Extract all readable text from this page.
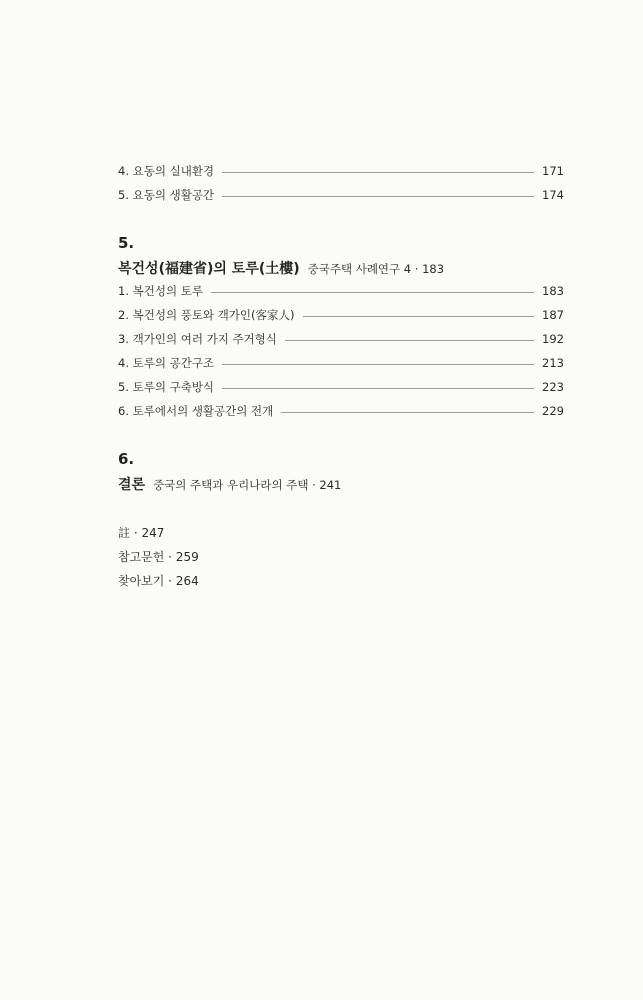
4. 요동의 실내환경	171
5. 요동의 생활공간	174
5.
복건성(福建省)의 토루(土樓) 중국주택 사례연구 4 · 183
1. 복건성의 토루	183
2. 복건성의 풍토와 객가인(客家人)	187
3. 객가인의 여러 가지 주거형식	192
4. 토루의 공간구조	213
5. 토루의 구축방식	223
6. 토루에서의 생활공간의 전개	229
6.
결론 중국의 주택과 우리나라의 주택 · 241
註 · 247
참고문헌 · 259
찾아보기 · 264
